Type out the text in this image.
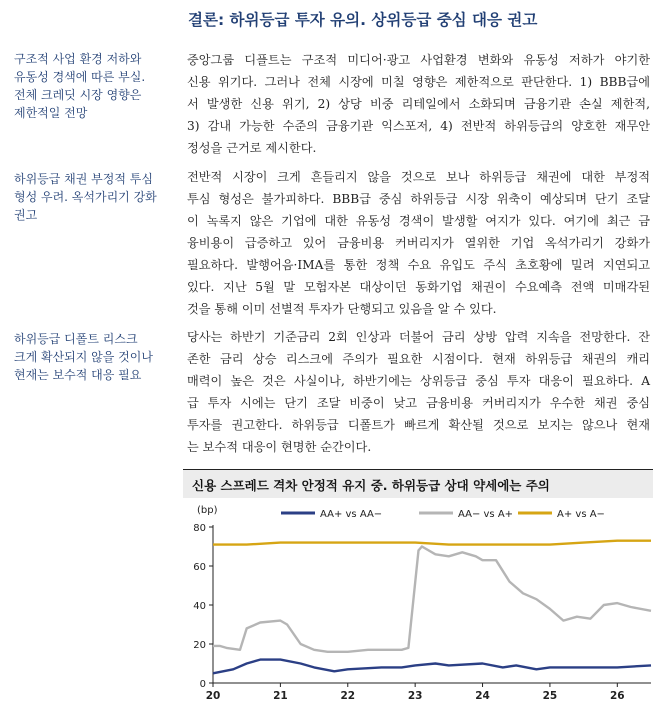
결론: 하위등급 투자 유의. 상위등급 중심 대응 권고
구조적 사업 환경 저하와
유동성 경색에 따른 부실.
전체 크레딧 시장 영향은
제한적일 전망
중앙그룹 디플트는 구조적 미디어·광고 사업환경 변화와 유동성 저하가 야기한
신용 위기다. 그러나 전체 시장에 미칠 영향은 제한적으로 판단한다. 1) BBB급에
서 발생한 신용 위기, 2) 상당 비중 리테일에서 소화되며 금융기관 손실 제한적,
3) 감내 가능한 수준의 금융기관 익스포저, 4) 전반적 하위등급의 양호한 재무안
정성을 근거로 제시한다.
하위등급 채권 부정적 투심
형성 우려. 옥석가리기 강화
권고
전반적 시장이 크게 흔들리지 않을 것으로 보나 하위등급 채권에 대한 부정적
투심 형성은 불가피하다. BBB급 중심 하위등급 시장 위축이 예상되며 단기 조달
이 녹록지 않은 기업에 대한 유동성 경색이 발생할 여지가 있다. 여기에 최근 금
융비용이 급증하고 있어 금융비용 커버리지가 열위한 기업 옥석가리기 강화가
필요하다. 발행어음·IMA를 통한 정책 수요 유입도 주식 초호황에 밀려 지연되고
있다. 지난 5월 말 모험자본 대상이던 동화기업 채권이 수요예측 전액 미매각된
것을 통해 이미 선별적 투자가 단행되고 있음을 알 수 있다.
하위등급 디폴트 리스크
크게 확산되지 않을 것이나
현재는 보수적 대응 필요
당사는 하반기 기준금리 2회 인상과 더불어 금리 상방 압력 지속을 전망한다. 잔
존한 금리 상승 리스크에 주의가 필요한 시점이다. 현재 하위등급 채권의 캐리
매력이 높은 것은 사실이나, 하반기에는 상위등급 중심 투자 대응이 필요하다. A
급 투자 시에는 단기 조달 비중이 낮고 금융비용 커버리지가 우수한 채권 중심
투자를 권고한다. 하위등급 디폴트가 빠르게 확산될 것으로 보지는 않으나 현재
는 보수적 대응이 현명한 순간이다.
신용 스프레드 격차 안정적 유지 중. 하위등급 상대 약세에는 주의
(bp)	AA+ vs AA−	AA− vs A+	A+ vs A−
0
20
40
60
80
20	21	22	23	24	25	26
